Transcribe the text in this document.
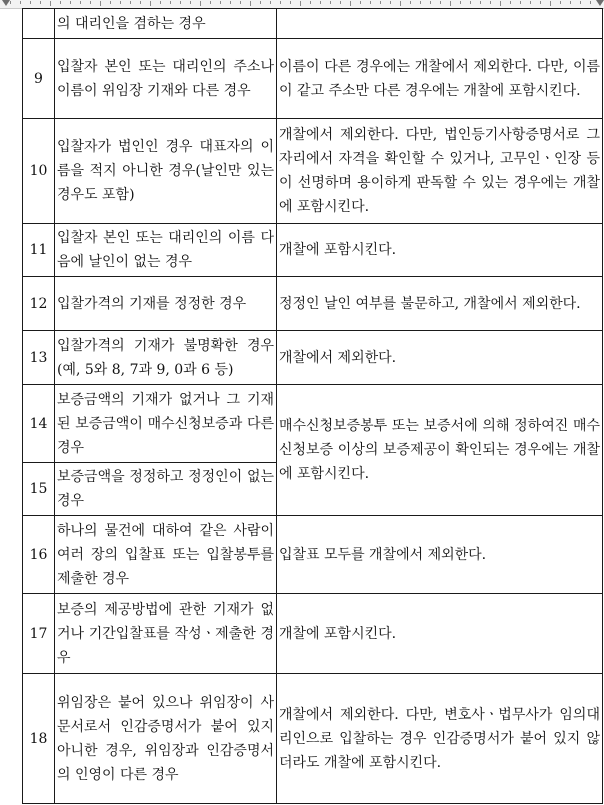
	의 대리인을 겸하는 경우	
9	입찰자 본인 또는 대리인의 주소나 이름이 위임장 기재와 다른 경우	이름이 다른 경우에는 개찰에서 제외한다. 다만, 이름이 같고 주소만 다른 경우에는 개찰에 포함시킨다.
10	입찰자가 법인인 경우 대표자의 이름을 적지 아니한 경우(날인만 있는 경우도 포함)	개찰에서 제외한다. 다만, 법인등기사항증명서로 그 자리에서 자격을 확인할 수 있거나, 고무인ㆍ인장 등이 선명하며 용이하게 판독할 수 있는 경우에는 개찰에 포함시킨다.
11	입찰자 본인 또는 대리인의 이름 다음에 날인이 없는 경우	개찰에 포함시킨다.
12	입찰가격의 기재를 정정한 경우	정정인 날인 여부를 불문하고, 개찰에서 제외한다.
13	입찰가격의 기재가 불명확한 경우(예, 5와 8, 7과 9, 0과 6 등)	개찰에서 제외한다.
14	보증금액의 기재가 없거나 그 기재된 보증금액이 매수신청보증과 다른 경우	매수신청보증봉투 또는 보증서에 의해 정하여진 매수신청보증 이상의 보증제공이 확인되는 경우에는 개찰에 포함시킨다.
15	보증금액을 정정하고 정정인이 없는 경우	
16	하나의 물건에 대하여 같은 사람이 여러 장의 입찰표 또는 입찰봉투를 제출한 경우	입찰표 모두를 개찰에서 제외한다.
17	보증의 제공방법에 관한 기재가 없거나 기간입찰표를 작성ㆍ제출한 경우	개찰에 포함시킨다.
18	위임장은 붙어 있으나 위임장이 사문서로서 인감증명서가 붙어 있지 아니한 경우, 위임장과 인감증명서의 인영이 다른 경우	개찰에서 제외한다. 다만, 변호사ㆍ법무사가 임의대리인으로 입찰하는 경우 인감증명서가 붙어 있지 않더라도 개찰에 포함시킨다.
